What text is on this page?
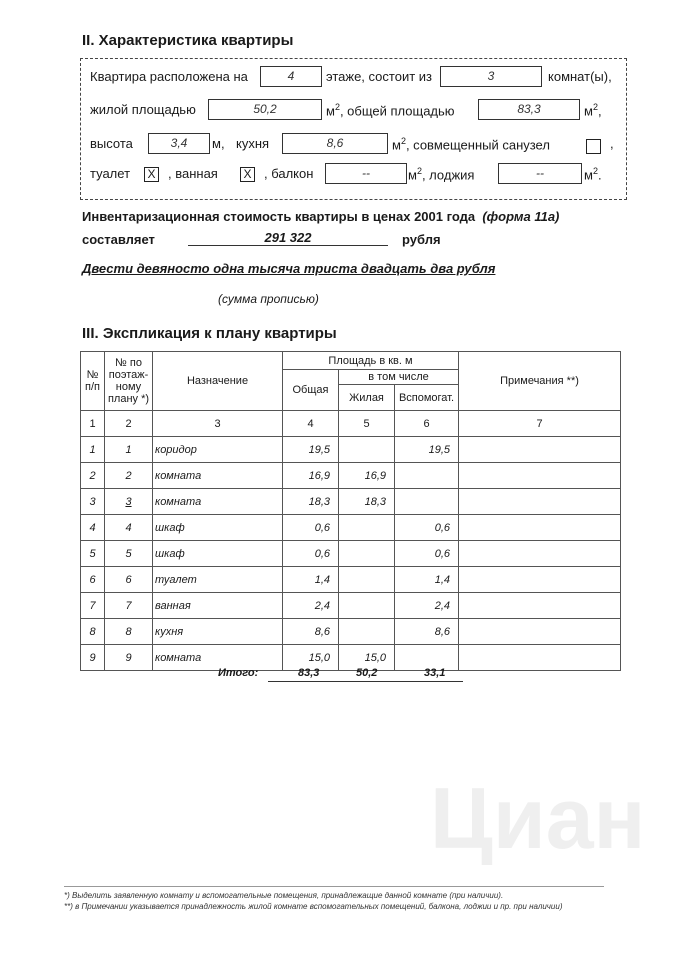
II. Характеристика квартиры
Квартира расположена на	4	этаже, состоит из	3	комнат(ы),
жилой площадью	50,2	$м^2$, общей площадью	83,3	$м^2$,
высота	3,4	м, кухня	8,6	$м^2$, совмещенный санузел	,
туалет X , ванная X , балкон	--	$м^2$, лоджия	--	$м^2$.
Инвентаризационная стоимость квартиры в ценах 2001 года (форма 11а)
составляет	291 322	рубля
Двести девяносто одна тысяча триста двадцать два рубля
(сумма прописью)
III. Экспликация к плану квартиры
№ п/п	№ по поэтаж-ному плану *)	Назначение	Площадь в кв. м			Примечания **)
			Общая	в том числе		
				Жилая	Вспомогат.	
1	2	3	4	5	6	7
1	1	коридор	19,5		19,5	
2	2	комната	16,9	16,9		
3	3	комната	18,3	18,3		
4	4	шкаф	0,6		0,6	
5	5	шкаф	0,6		0,6	
6	6	туалет	1,4		1,4	
7	7	ванная	2,4		2,4	
8	8	кухня	8,6		8,6	
9	9	комната	15,0	15,0		
Итого:	83,3	50,2	33,1
Циан
*) Выделить заявленную комнату и вспомогательные помещения, принадлежащие данной комнате (при наличии).
**) в Примечании указывается принадлежность жилой комнате вспомогательных помещений, балкона, лоджии и пр. при наличии)
